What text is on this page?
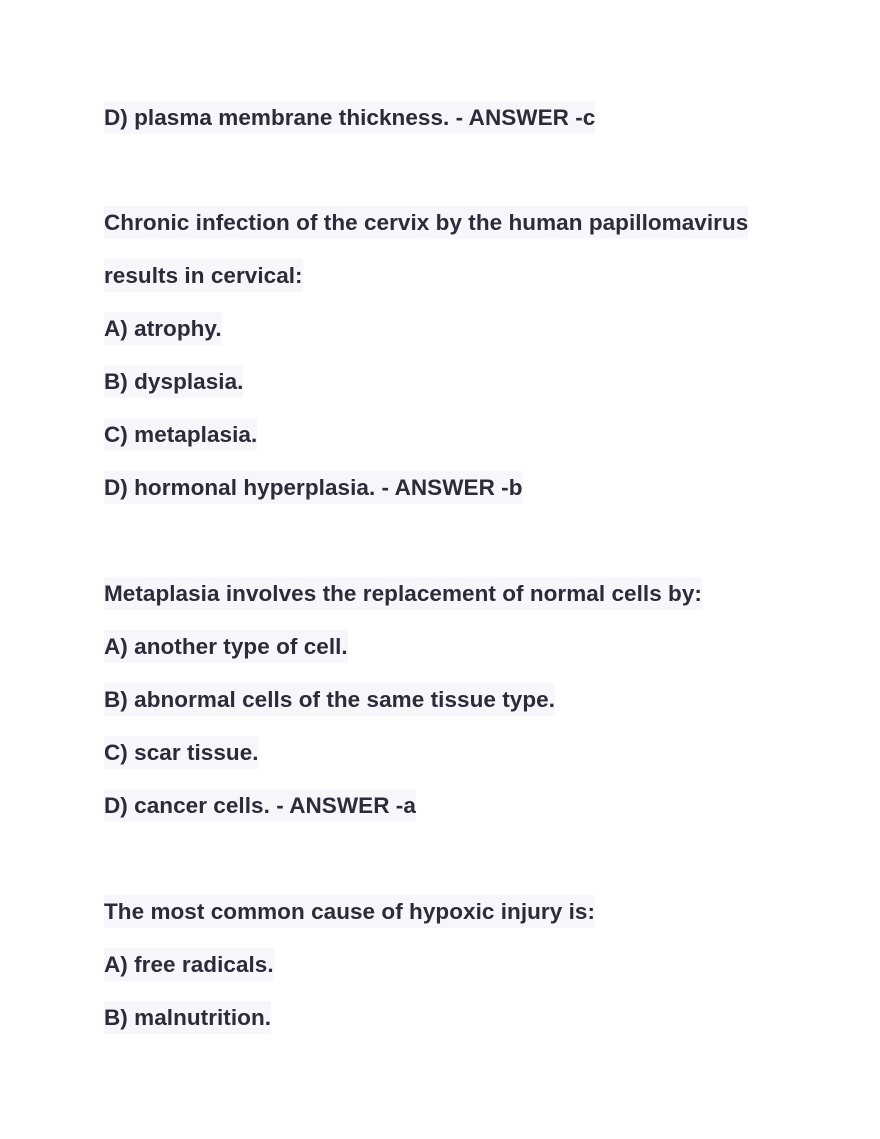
D) plasma membrane thickness. - ANSWER -c
Chronic infection of the cervix by the human papillomavirus
results in cervical:
A) atrophy.
B) dysplasia.
C) metaplasia.
D) hormonal hyperplasia. - ANSWER -b
Metaplasia involves the replacement of normal cells by:
A) another type of cell.
B) abnormal cells of the same tissue type.
C) scar tissue.
D) cancer cells. - ANSWER -a
The most common cause of hypoxic injury is:
A) free radicals.
B) malnutrition.
